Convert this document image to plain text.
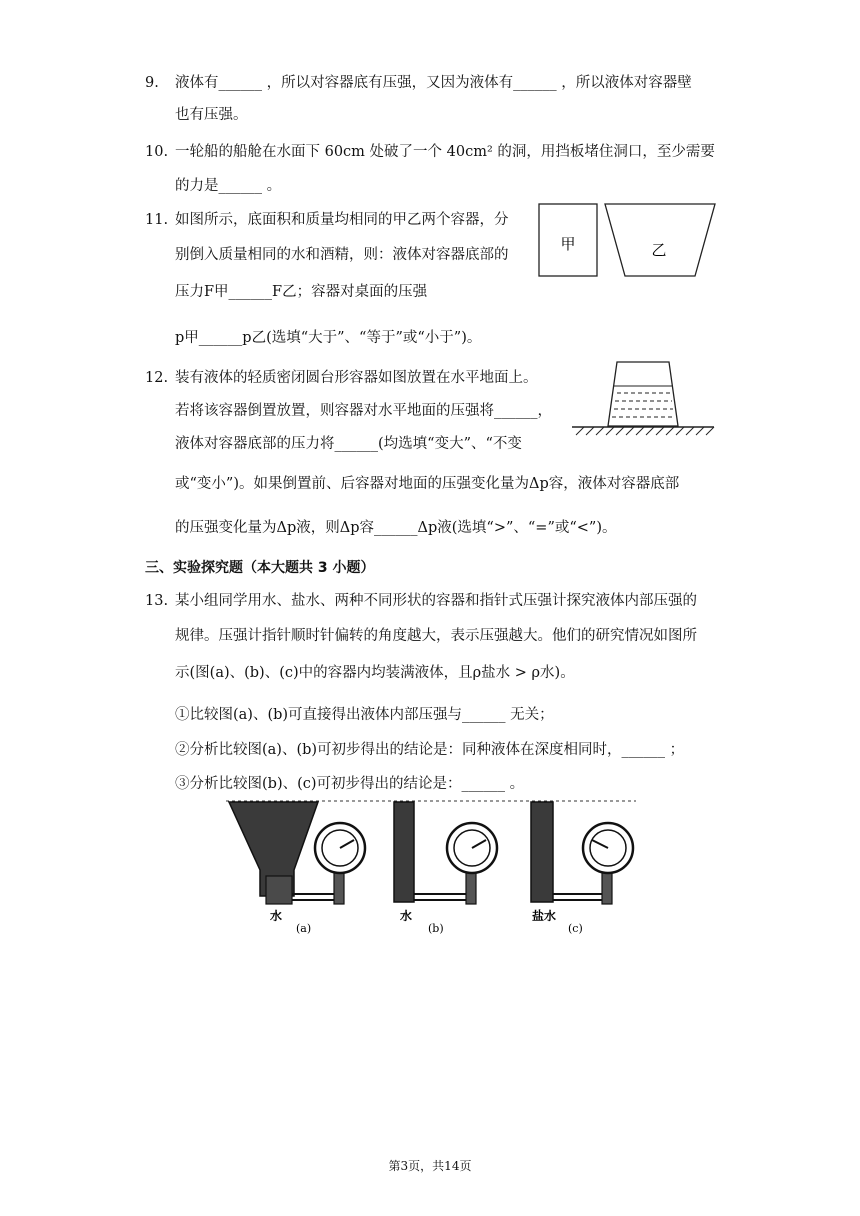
9. 液体有______ ，所以对容器底有压强，又因为液体有______ ，所以液体对容器壁
也有压强。
10. 一轮船的船舱在水面下 60cm 处破了一个 40cm² 的洞，用挡板堵住洞口，至少需要
的力是______ 。
11. 如图所示，底面积和质量均相同的甲乙两个容器，分
别倒入质量相同的水和酒精，则：液体对容器底部的
压力F甲______F乙；容器对桌面的压强
p甲______p乙(选填“大于”、“等于”或“小于”)。
甲	乙
12. 装有液体的轻质密闭圆台形容器如图放置在水平地面上。
若将该容器倒置放置，则容器对水平地面的压强将______，
液体对容器底部的压力将______(均选填“变大”、“不变
或“变小”)。如果倒置前、后容器对地面的压强变化量为Δp容，液体对容器底部
的压强变化量为Δp液，则Δp容______Δp液(选填“>”、“=”或“<”)。
三、实验探究题（本大题共 3 小题）
13. 某小组同学用水、盐水、两种不同形状的容器和指针式压强计探究液体内部压强的
规律。压强计指针顺时针偏转的角度越大，表示压强越大。他们的研究情况如图所
示(图(a)、(b)、(c)中的容器内均装满液体，且ρ盐水 > ρ水)。
①比较图(a)、(b)可直接得出液体内部压强与______ 无关；
②分析比较图(a)、(b)可初步得出的结论是：同种液体在深度相同时，______ ；
③分析比较图(b)、(c)可初步得出的结论是：______ 。
水
(a)
水
(b)
盐水
(c)
第3页，共14页
